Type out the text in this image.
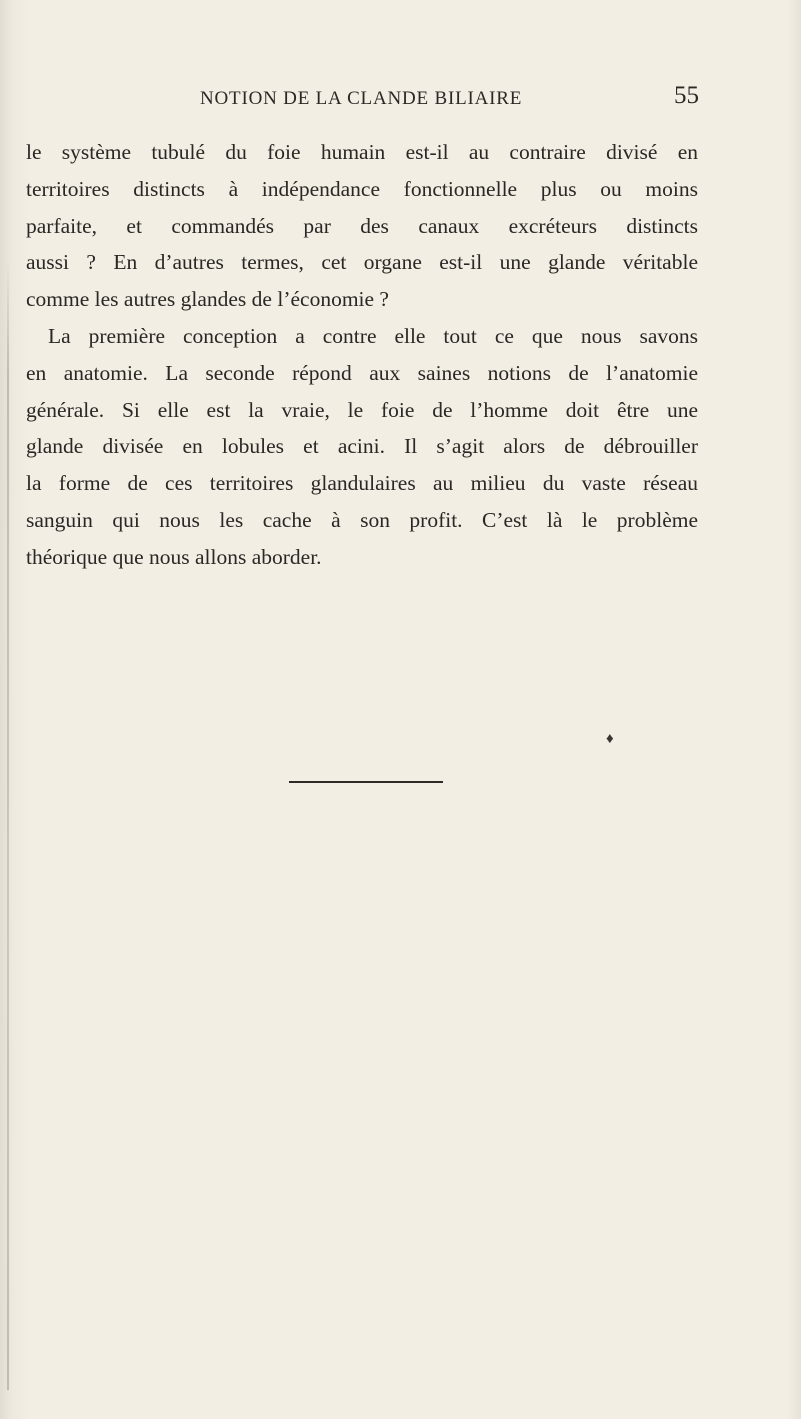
NOTION DE LA CLANDE BILIAIRE	55
le système tubulé du foie humain est-il au contraire divisé en
territoires distincts à indépendance fonctionnelle plus ou moins
parfaite, et commandés par des canaux excréteurs distincts
aussi ? En d’autres termes, cet organe est-il une glande véritable
comme les autres glandes de l’économie ?
La première conception a contre elle tout ce que nous savons
en anatomie. La seconde répond aux saines notions de l’anatomie
générale. Si elle est la vraie, le foie de l’homme doit être une
glande divisée en lobules et acini. Il s’agit alors de débrouiller
la forme de ces territoires glandulaires au milieu du vaste réseau
sanguin qui nous les cache à son profit. C’est là le problème
théorique que nous allons aborder.
♦
